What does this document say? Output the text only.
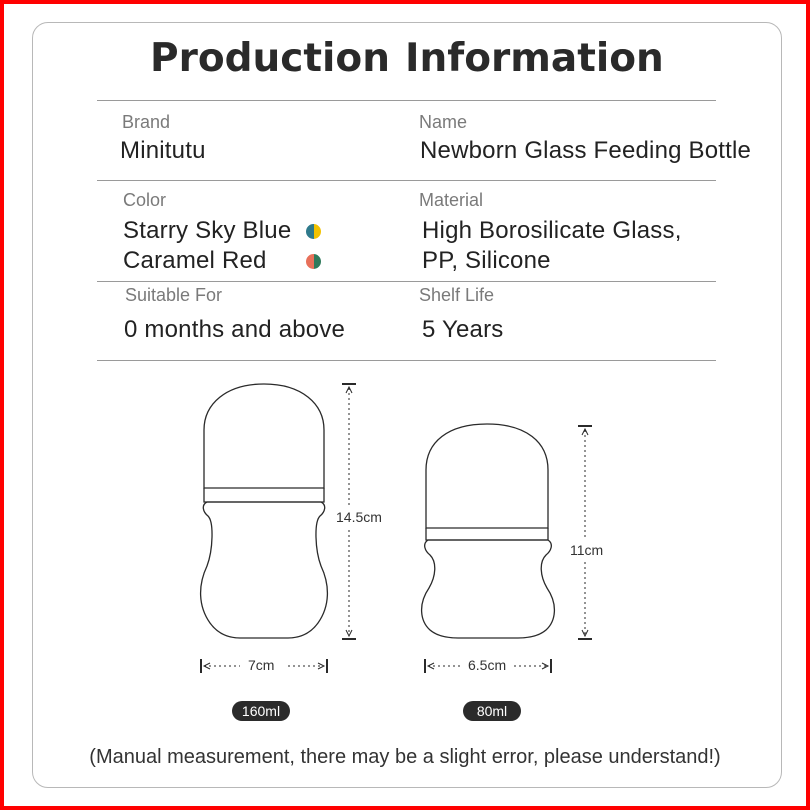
Production Information
Brand
Minitutu
Name
Newborn Glass Feeding Bottle
Color
Starry Sky Blue
Caramel Red
Material
High Borosilicate Glass,
PP, Silicone
Suitable For
0 months and above
Shelf Life
5 Years
14.5cm
11cm
7cm	6.5cm
160ml	80ml
(Manual measurement, there may be a slight error, please understand!)
